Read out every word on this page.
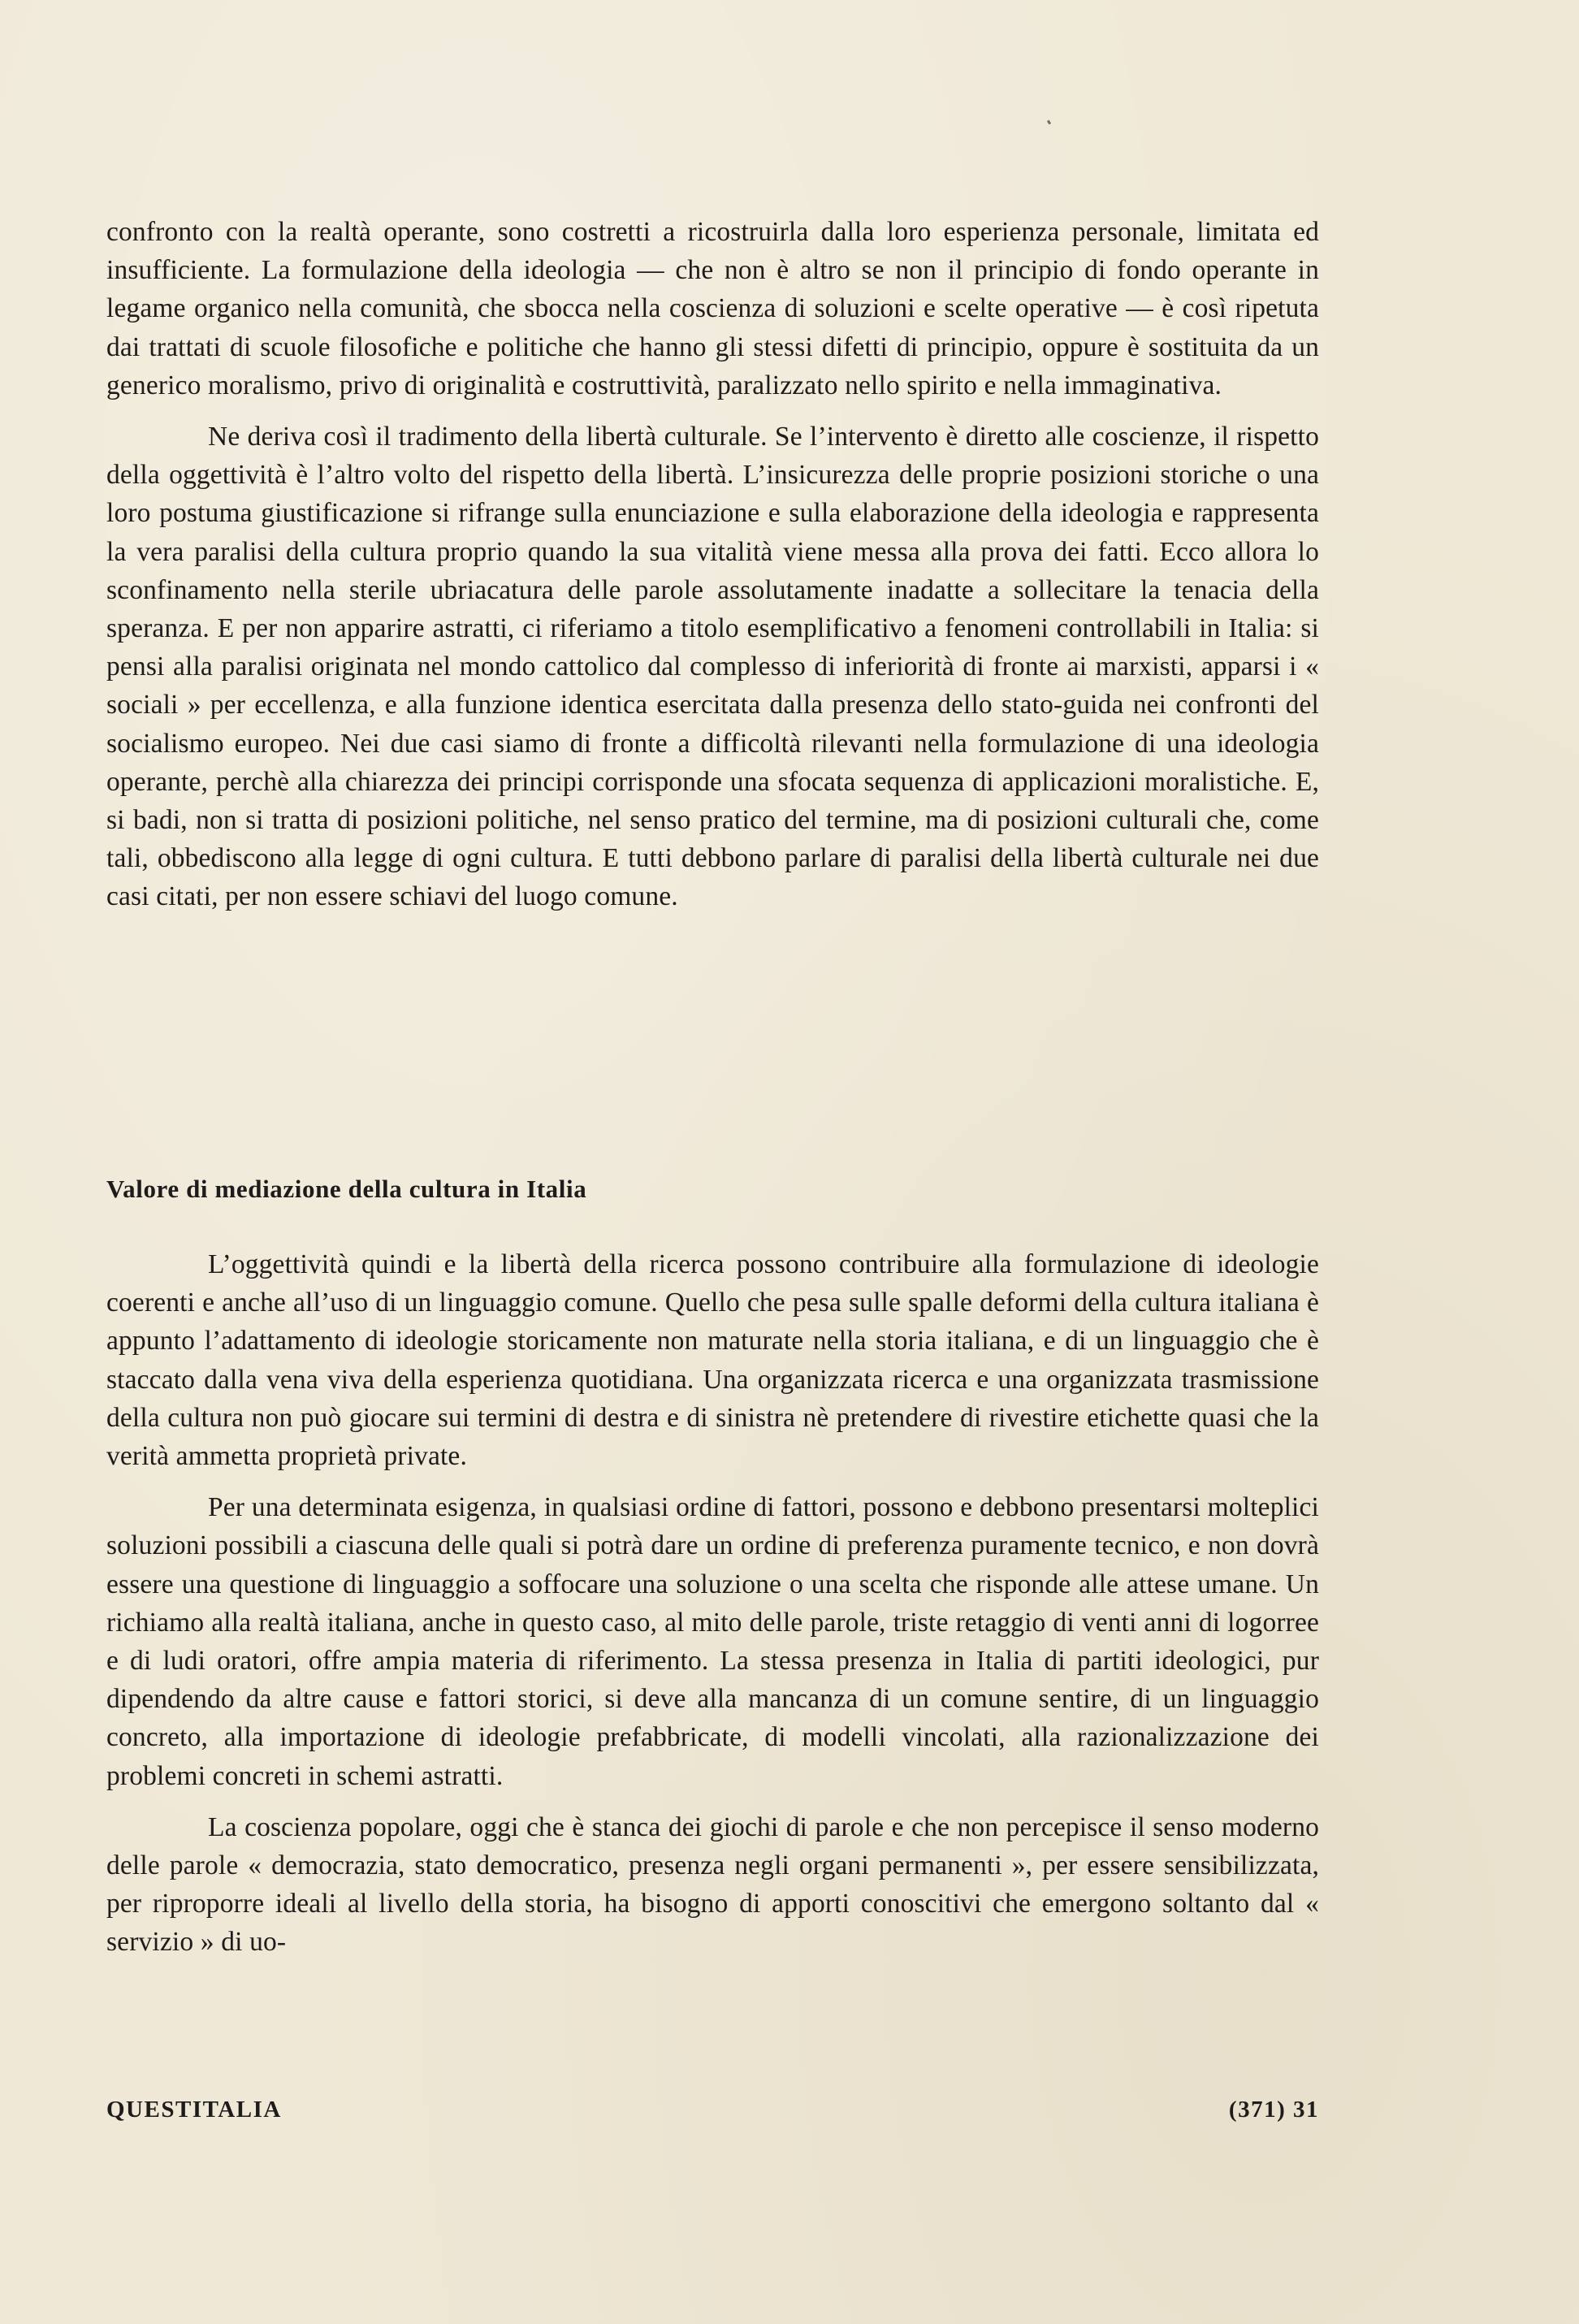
confronto con la realtà operante, sono costretti a ricostruirla dalla loro esperienza personale, limitata ed insufficiente. La formulazione della ideologia — che non è altro se non il principio di fondo operante in legame organico nella comunità, che sbocca nella coscienza di soluzioni e scelte operative — è così ripetuta dai trattati di scuole filosofiche e politiche che hanno gli stessi difetti di principio, oppure è sostituita da un generico moralismo, privo di originalità e costruttività, paralizzato nello spirito e nella immaginativa.

Ne deriva così il tradimento della libertà culturale. Se l’intervento è diretto alle coscienze, il rispetto della oggettività è l’altro volto del rispetto della libertà. L’insicurezza delle proprie posizioni storiche o una loro postuma giustificazione si rifrange sulla enunciazione e sulla elaborazione della ideologia e rappresenta la vera paralisi della cultura proprio quando la sua vitalità viene messa alla prova dei fatti. Ecco allora lo sconfinamento nella sterile ubriacatura delle parole assolutamente inadatte a sollecitare la tenacia della speranza. E per non apparire astratti, ci riferiamo a titolo esemplificativo a fenomeni controllabili in Italia: si pensi alla paralisi originata nel mondo cattolico dal complesso di inferiorità di fronte ai marxisti, apparsi i « sociali » per eccellenza, e alla funzione identica esercitata dalla presenza dello stato-guida nei confronti del socialismo europeo. Nei due casi siamo di fronte a difficoltà rilevanti nella formulazione di una ideologia operante, perchè alla chiarezza dei principi corrisponde una sfocata sequenza di applicazioni moralistiche. E, si badi, non si tratta di posizioni politiche, nel senso pratico del termine, ma di posizioni culturali che, come tali, obbediscono alla legge di ogni cultura. E tutti debbono parlare di paralisi della libertà culturale nei due casi citati, per non essere schiavi del luogo comune.

Valore di mediazione della cultura in Italia

L’oggettività quindi e la libertà della ricerca possono contribuire alla formulazione di ideologie coerenti e anche all’uso di un linguaggio comune. Quello che pesa sulle spalle deformi della cultura italiana è appunto l’adattamento di ideologie storicamente non maturate nella storia italiana, e di un linguaggio che è staccato dalla vena viva della esperienza quotidiana. Una organizzata ricerca e una organizzata trasmissione della cultura non può giocare sui termini di destra e di sinistra nè pretendere di rivestire etichette quasi che la verità ammetta proprietà private.

Per una determinata esigenza, in qualsiasi ordine di fattori, possono e debbono presentarsi molteplici soluzioni possibili a ciascuna delle quali si potrà dare un ordine di preferenza puramente tecnico, e non dovrà essere una questione di linguaggio a soffocare una soluzione o una scelta che risponde alle attese umane. Un richiamo alla realtà italiana, anche in questo caso, al mito delle parole, triste retaggio di venti anni di logorree e di ludi oratori, offre ampia materia di riferimento. La stessa presenza in Italia di partiti ideologici, pur dipendendo da altre cause e fattori storici, si deve alla mancanza di un comune sentire, di un linguaggio concreto, alla importazione di ideologie prefabbricate, di modelli vincolati, alla razionalizzazione dei problemi concreti in schemi astratti.

La coscienza popolare, oggi che è stanca dei giochi di parole e che non percepisce il senso moderno delle parole « democrazia, stato democratico, presenza negli organi permanenti », per essere sensibilizzata, per riproporre ideali al livello della storia, ha bisogno di apporti conoscitivi che emergono soltanto dal « servizio » di uo-

QUESTITALIA	(371) 31
